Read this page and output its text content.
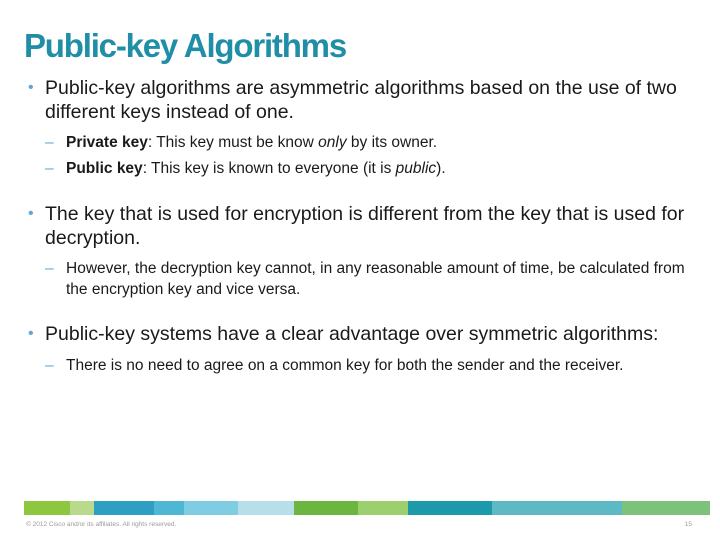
Public-key Algorithms
• Public-key algorithms are asymmetric algorithms based on the use of two different keys instead of one.
– Private key: This key must be know only by its owner.
– Public key: This key is known to everyone (it is public).
• The key that is used for encryption is different from the key that is used for decryption.
– However, the decryption key cannot, in any reasonable amount of time, be calculated from the encryption key and vice versa.
• Public-key systems have a clear advantage over symmetric algorithms:
– There is no need to agree on a common key for both the sender and the receiver.
© 2012 Cisco and/or its affiliates. All rights reserved.	15
